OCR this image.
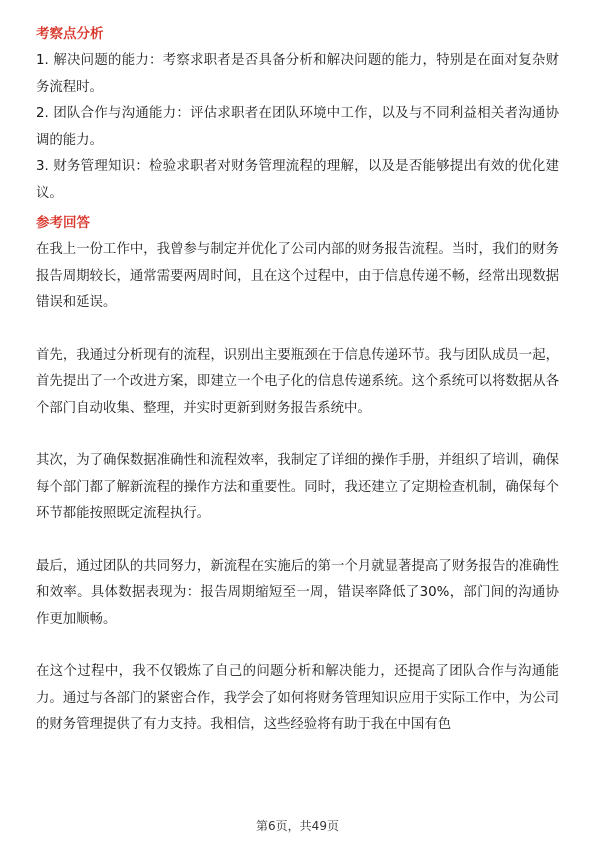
考察点分析

1. 解决问题的能力：考察求职者是否具备分析和解决问题的能力，特别是在面对复杂财务流程时。

2. 团队合作与沟通能力：评估求职者在团队环境中工作，以及与不同利益相关者沟通协调的能力。

3. 财务管理知识：检验求职者对财务管理流程的理解，以及是否能够提出有效的优化建议。

参考回答

在我上一份工作中，我曾参与制定并优化了公司内部的财务报告流程。当时，我们的财务报告周期较长，通常需要两周时间，且在这个过程中，由于信息传递不畅，经常出现数据错误和延误。

首先，我通过分析现有的流程，识别出主要瓶颈在于信息传递环节。我与团队成员一起，首先提出了一个改进方案，即建立一个电子化的信息传递系统。这个系统可以将数据从各个部门自动收集、整理，并实时更新到财务报告系统中。

其次，为了确保数据准确性和流程效率，我制定了详细的操作手册，并组织了培训，确保每个部门都了解新流程的操作方法和重要性。同时，我还建立了定期检查机制，确保每个环节都能按照既定流程执行。

最后，通过团队的共同努力，新流程在实施后的第一个月就显著提高了财务报告的准确性和效率。具体数据表现为：报告周期缩短至一周，错误率降低了30%，部门间的沟通协作更加顺畅。

在这个过程中，我不仅锻炼了自己的问题分析和解决能力，还提高了团队合作与沟通能力。通过与各部门的紧密合作，我学会了如何将财务管理知识应用于实际工作中，为公司的财务管理提供了有力支持。我相信，这些经验将有助于我在中国有色

第6页，共49页
